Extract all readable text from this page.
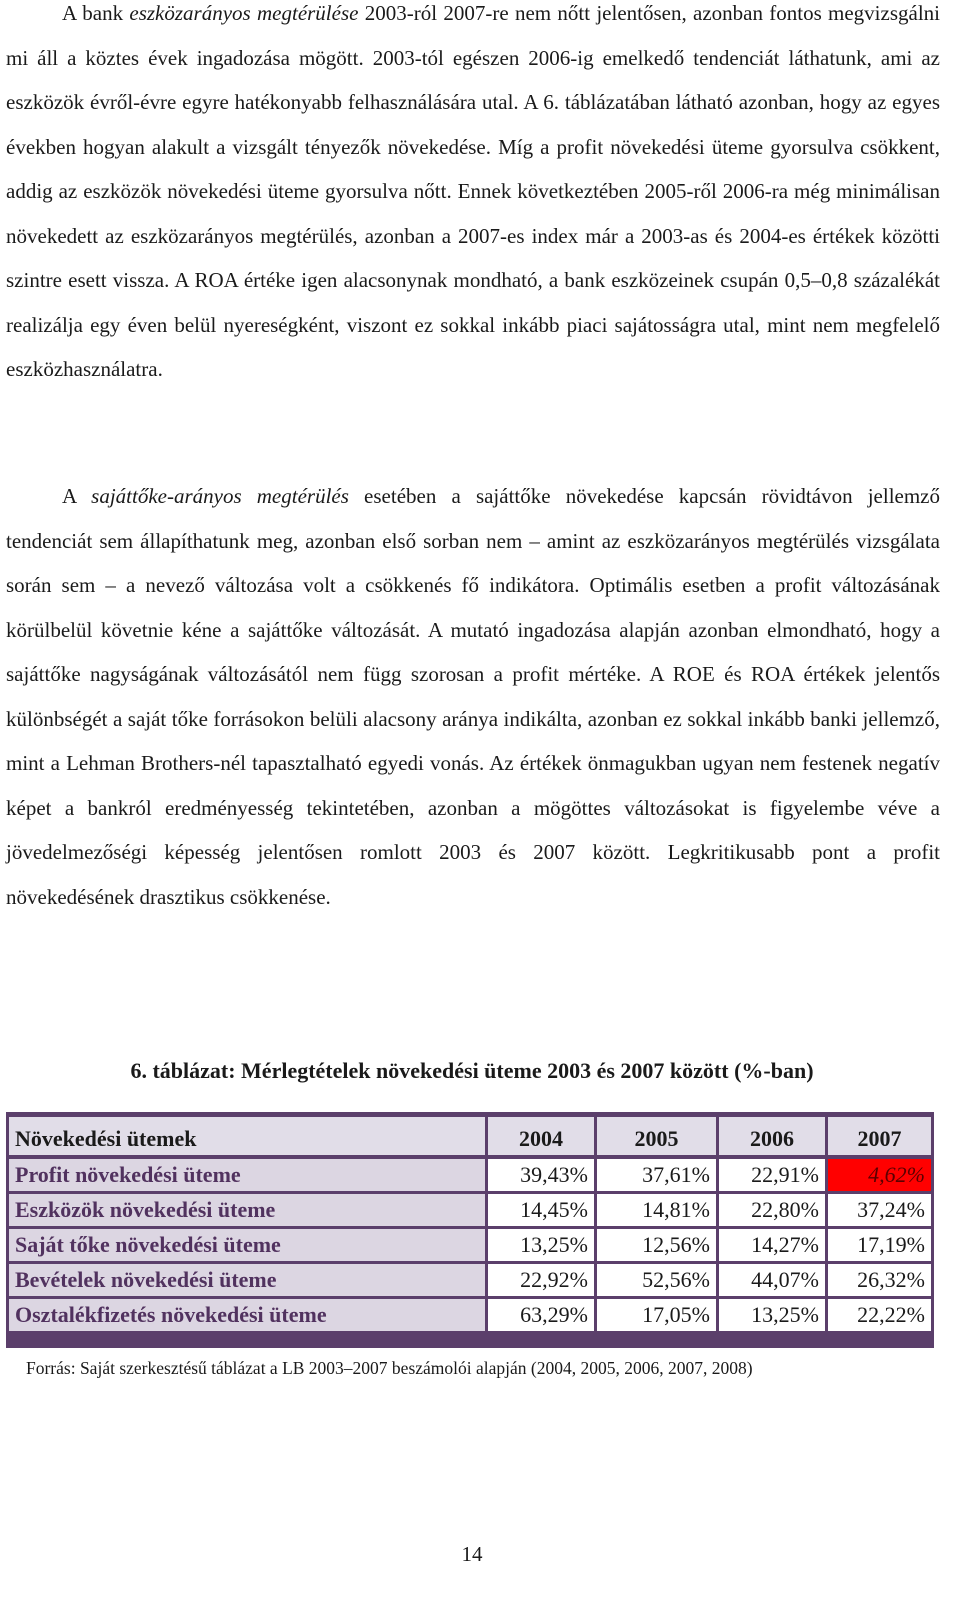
A bank eszközarányos megtérülése 2003-ról 2007-re nem nőtt jelentősen, azonban fontos megvizsgálni mi áll a köztes évek ingadozása mögött. 2003-tól egészen 2006-ig emelkedő tendenciát láthatunk, ami az eszközök évről-évre egyre hatékonyabb felhasználására utal. A 6. táblázatában látható azonban, hogy az egyes években hogyan alakult a vizsgált tényezők növekedése. Míg a profit növekedési üteme gyorsulva csökkent, addig az eszközök növekedési üteme gyorsulva nőtt. Ennek következtében 2005-ről 2006-ra még minimálisan növekedett az eszközarányos megtérülés, azonban a 2007-es index már a 2003-as és 2004-es értékek közötti szintre esett vissza. A ROA értéke igen alacsonynak mondható, a bank eszközeinek csupán 0,5–0,8 százalékát realizálja egy éven belül nyereségként, viszont ez sokkal inkább piaci sajátosságra utal, mint nem megfelelő eszközhasználatra.

A sajáttőke-arányos megtérülés esetében a sajáttőke növekedése kapcsán rövidtávon jellemző tendenciát sem állapíthatunk meg, azonban első sorban nem – amint az eszközarányos megtérülés vizsgálata során sem – a nevező változása volt a csökkenés fő indikátora. Optimális esetben a profit változásának körülbelül követnie kéne a sajáttőke változását. A mutató ingadozása alapján azonban elmondható, hogy a sajáttőke nagyságának változásától nem függ szorosan a profit mértéke. A ROE és ROA értékek jelentős különbségét a saját tőke forrásokon belüli alacsony aránya indikálta, azonban ez sokkal inkább banki jellemző, mint a Lehman Brothers-nél tapasztalható egyedi vonás. Az értékek önmagukban ugyan nem festenek negatív képet a bankról eredményesség tekintetében, azonban a mögöttes változásokat is figyelembe véve a jövedelmezőségi képesség jelentősen romlott 2003 és 2007 között. Legkritikusabb pont a profit növekedésének drasztikus csökkenése.

6. táblázat: Mérlegtételek növekedési üteme 2003 és 2007 között (%-ban)

Növekedési ütemek	2004	2005	2006	2007
Profit növekedési üteme	39,43%	37,61%	22,91%	4,62%
Eszközök növekedési üteme	14,45%	14,81%	22,80%	37,24%
Saját tőke növekedési üteme	13,25%	12,56%	14,27%	17,19%
Bevételek növekedési üteme	22,92%	52,56%	44,07%	26,32%
Osztalékfizetés növekedési üteme	63,29%	17,05%	13,25%	22,22%

Forrás: Saját szerkesztésű táblázat a LB 2003–2007 beszámolói alapján (2004, 2005, 2006, 2007, 2008)

14
